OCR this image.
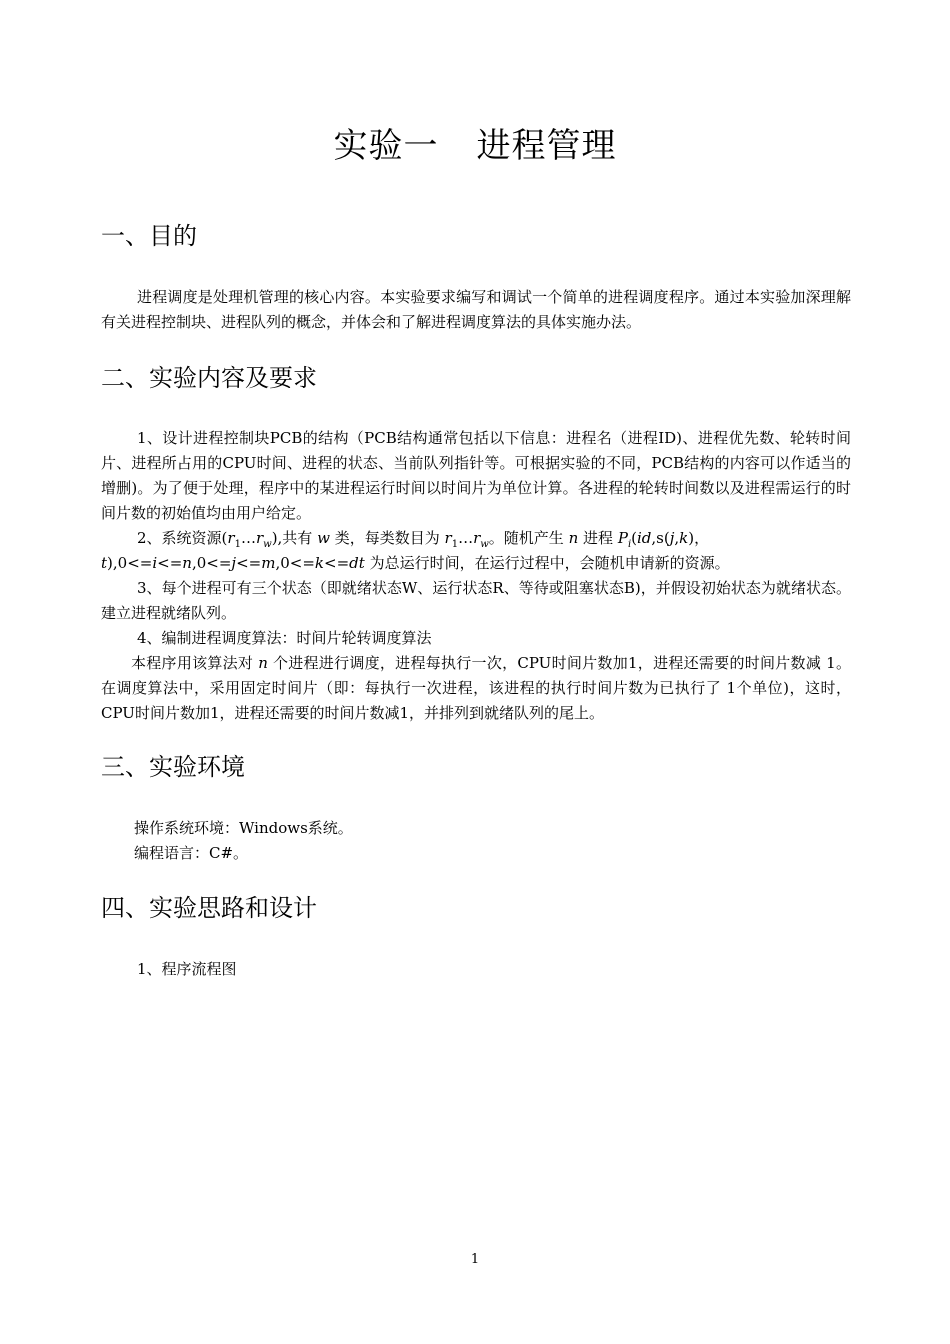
实验一 进程管理
一、目的

进程调度是处理机管理的核心内容。本实验要求编写和调试一个简单的进程调度程序。通过本实验加深理解有关进程控制块、进程队列的概念，并体会和了解进程调度算法的具体实施办法。

二、实验内容及要求

1、设计进程控制块PCB的结构（PCB结构通常包括以下信息：进程名（进程ID)、进程优先数、轮转时间片、进程所占用的CPU时间、进程的状态、当前队列指针等。可根据实验的不同，PCB结构的内容可以作适当的增删)。为了便于处理，程序中的某进程运行时间以时间片为单位计算。各进程的轮转时间数以及进程需运行的时间片数的初始值均由用户给定。

2、系统资源$(r_1\dots r_w)$,共有 w 类，每类数目为 $r_1\dots r_w$。随机产生 n 进程 $P_i(id,s(j,k)$，

t),0<=i<=n,0<=j<=m,0<=k<=dt 为总运行时间，在运行过程中，会随机申请新的资源。

3、每个进程可有三个状态（即就绪状态W、运行状态R、等待或阻塞状态B)，并假设初始状态为就绪状态。建立进程就绪队列。

4、编制进程调度算法：时间片轮转调度算法

本程序用该算法对 n 个进程进行调度，进程每执行一次，CPU时间片数加1，进程还需要的时间片数减 1。在调度算法中，采用固定时间片（即：每执行一次进程，该进程的执行时间片数为已执行了 1个单位)，这时，CPU时间片数加1，进程还需要的时间片数减1，并排列到就绪队列的尾上。

三、实验环境

操作系统环境：Windows系统。

编程语言：C#。

四、实验思路和设计

1、程序流程图

1
